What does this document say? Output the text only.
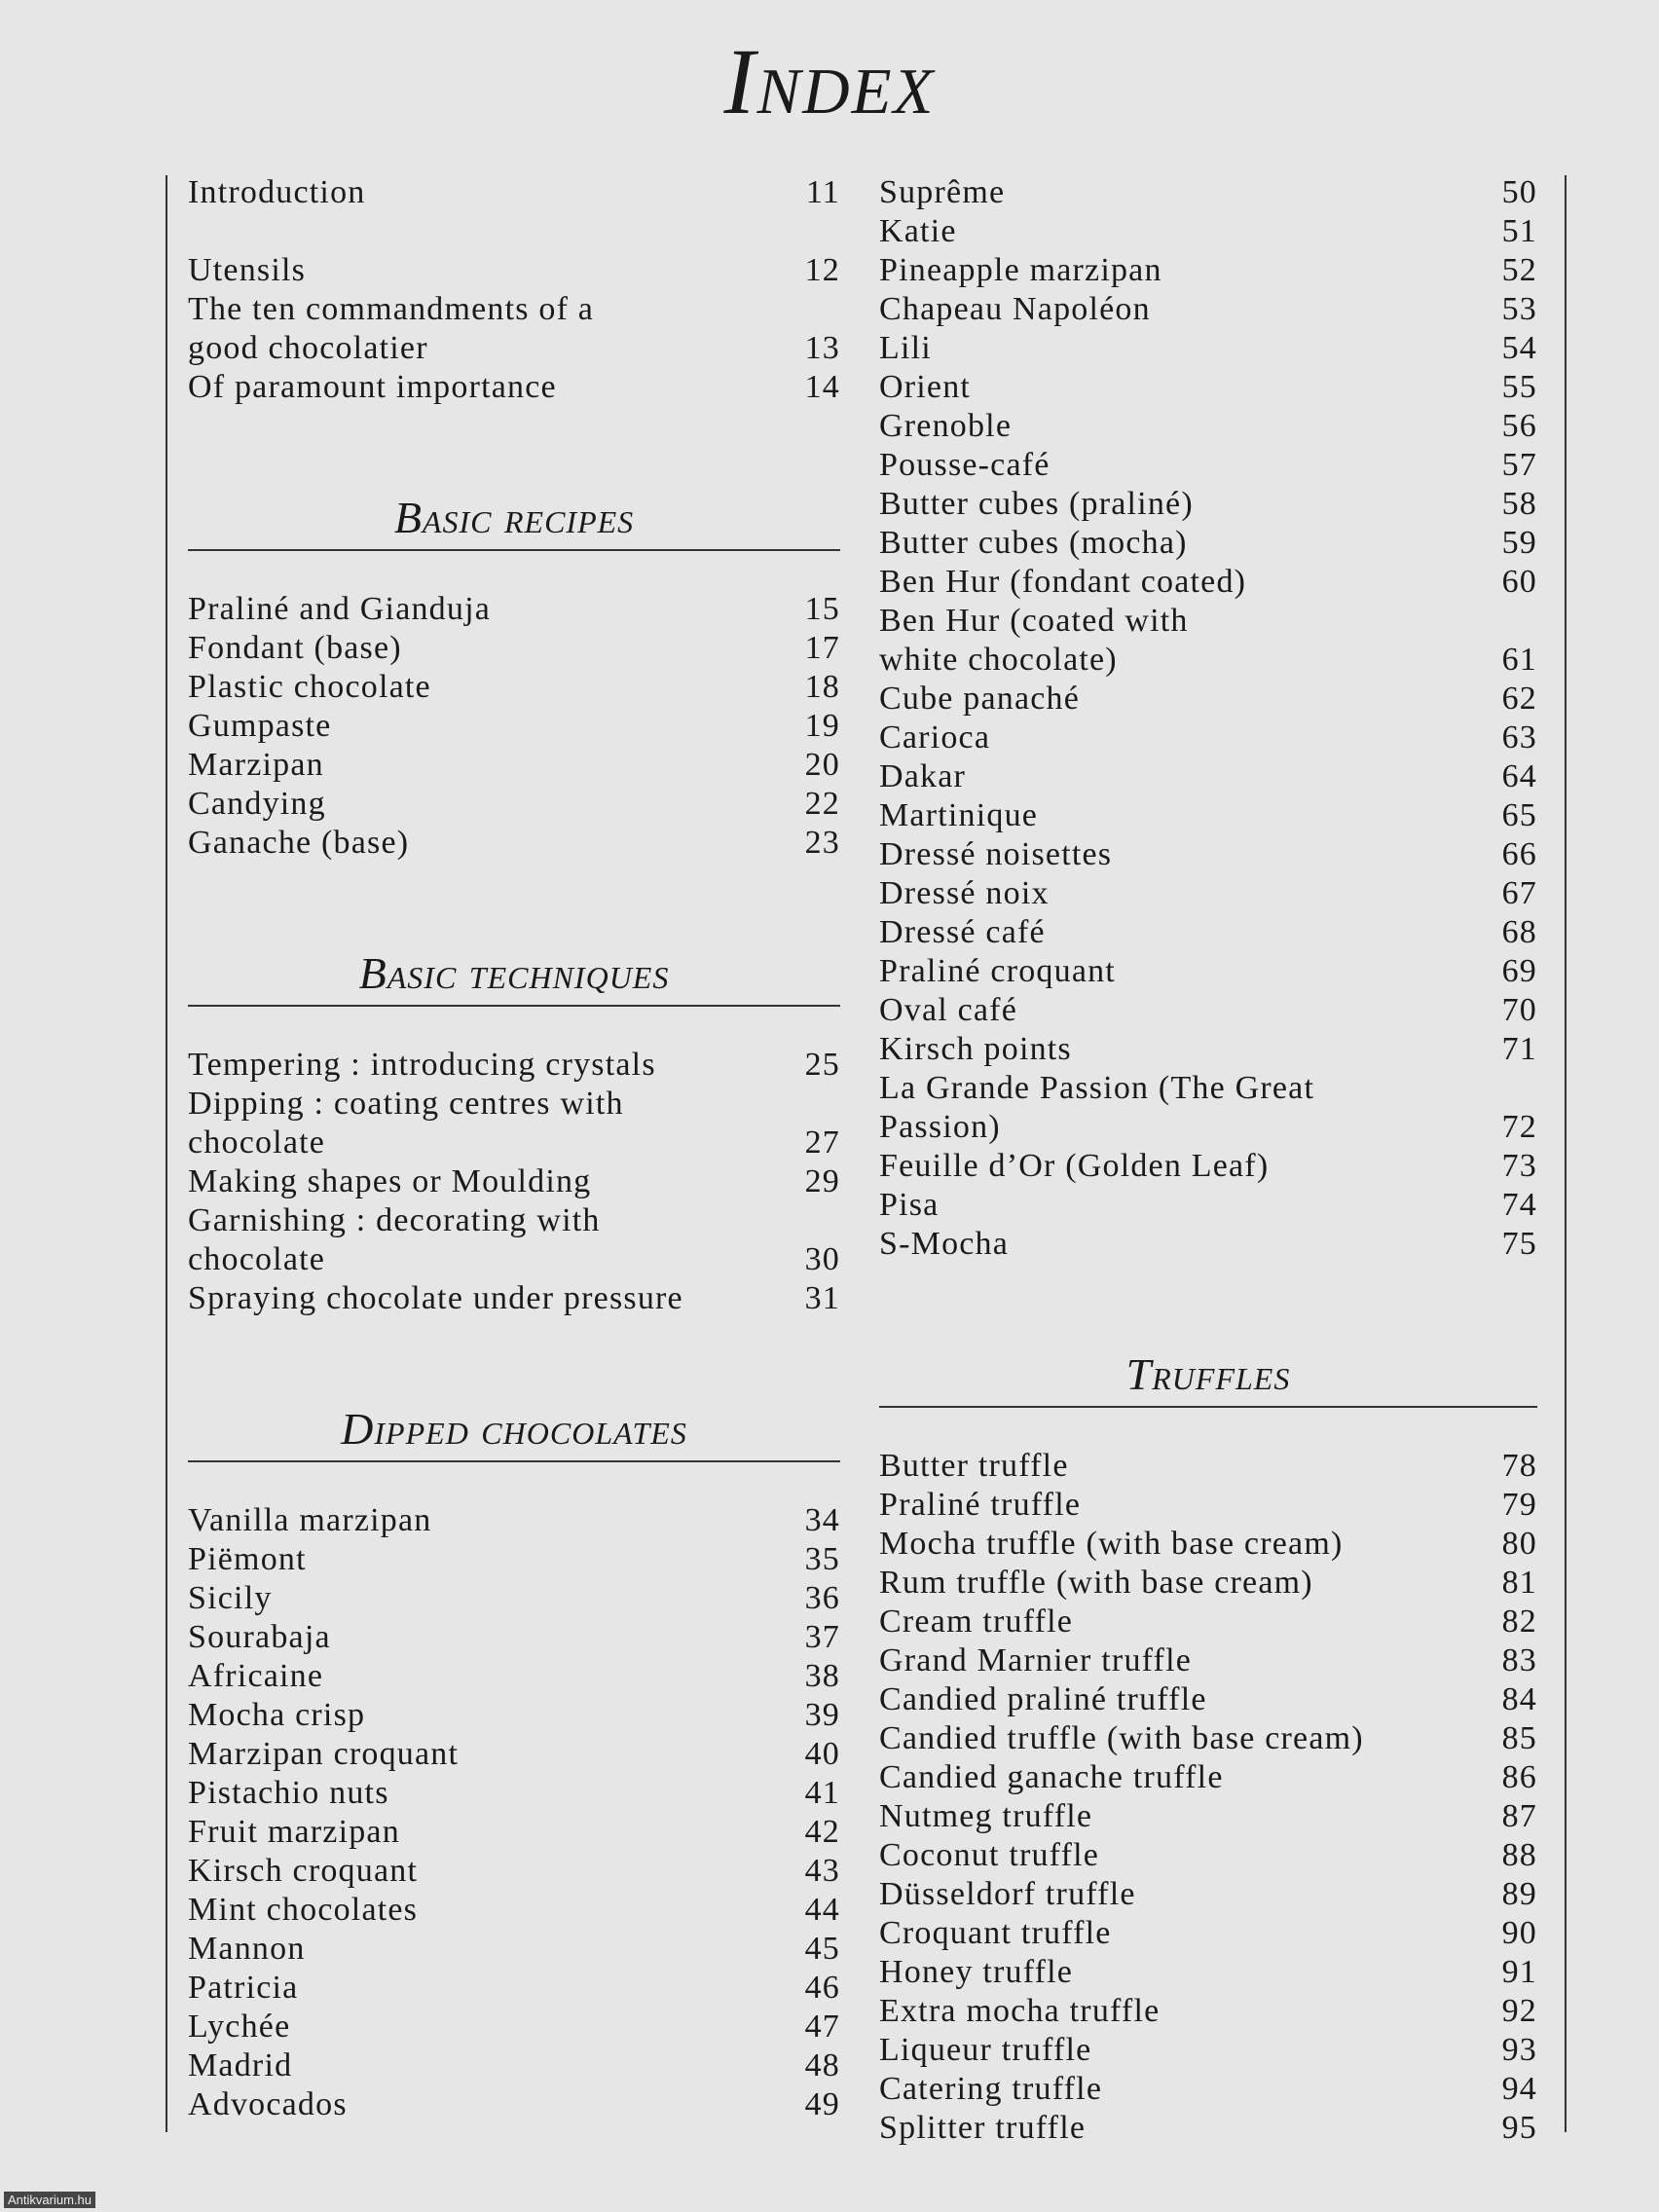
Index
Introduction	11
Utensils	12
The ten commandments of a
good chocolatier	13
Of paramount importance	14
Basic recipes
Praliné and Gianduja	15
Fondant (base)	17
Plastic chocolate	18
Gumpaste	19
Marzipan	20
Candying	22
Ganache (base)	23
Basic techniques
Tempering : introducing crystals	25
Dipping : coating centres with
chocolate	27
Making shapes or Moulding	29
Garnishing : decorating with
chocolate	30
Spraying chocolate under pressure	31
Dipped chocolates
Vanilla marzipan	34
Piëmont	35
Sicily	36
Sourabaja	37
Africaine	38
Mocha crisp	39
Marzipan croquant	40
Pistachio nuts	41
Fruit marzipan	42
Kirsch croquant	43
Mint chocolates	44
Mannon	45
Patricia	46
Lychée	47
Madrid	48
Advocados	49
Suprême	50
Katie	51
Pineapple marzipan	52
Chapeau Napoléon	53
Lili	54
Orient	55
Grenoble	56
Pousse-café	57
Butter cubes (praliné)	58
Butter cubes (mocha)	59
Ben Hur (fondant coated)	60
Ben Hur (coated with
white chocolate)	61
Cube panaché	62
Carioca	63
Dakar	64
Martinique	65
Dressé noisettes	66
Dressé noix	67
Dressé café	68
Praliné croquant	69
Oval café	70
Kirsch points	71
La Grande Passion (The Great
Passion)	72
Feuille d’Or (Golden Leaf)	73
Pisa	74
S-Mocha	75
Truffles
Butter truffle	78
Praliné truffle	79
Mocha truffle (with base cream)	80
Rum truffle (with base cream)	81
Cream truffle	82
Grand Marnier truffle	83
Candied praliné truffle	84
Candied truffle (with base cream)	85
Candied ganache truffle	86
Nutmeg truffle	87
Coconut truffle	88
Düsseldorf truffle	89
Croquant truffle	90
Honey truffle	91
Extra mocha truffle	92
Liqueur truffle	93
Catering truffle	94
Splitter truffle	95
Antikvarium.hu
